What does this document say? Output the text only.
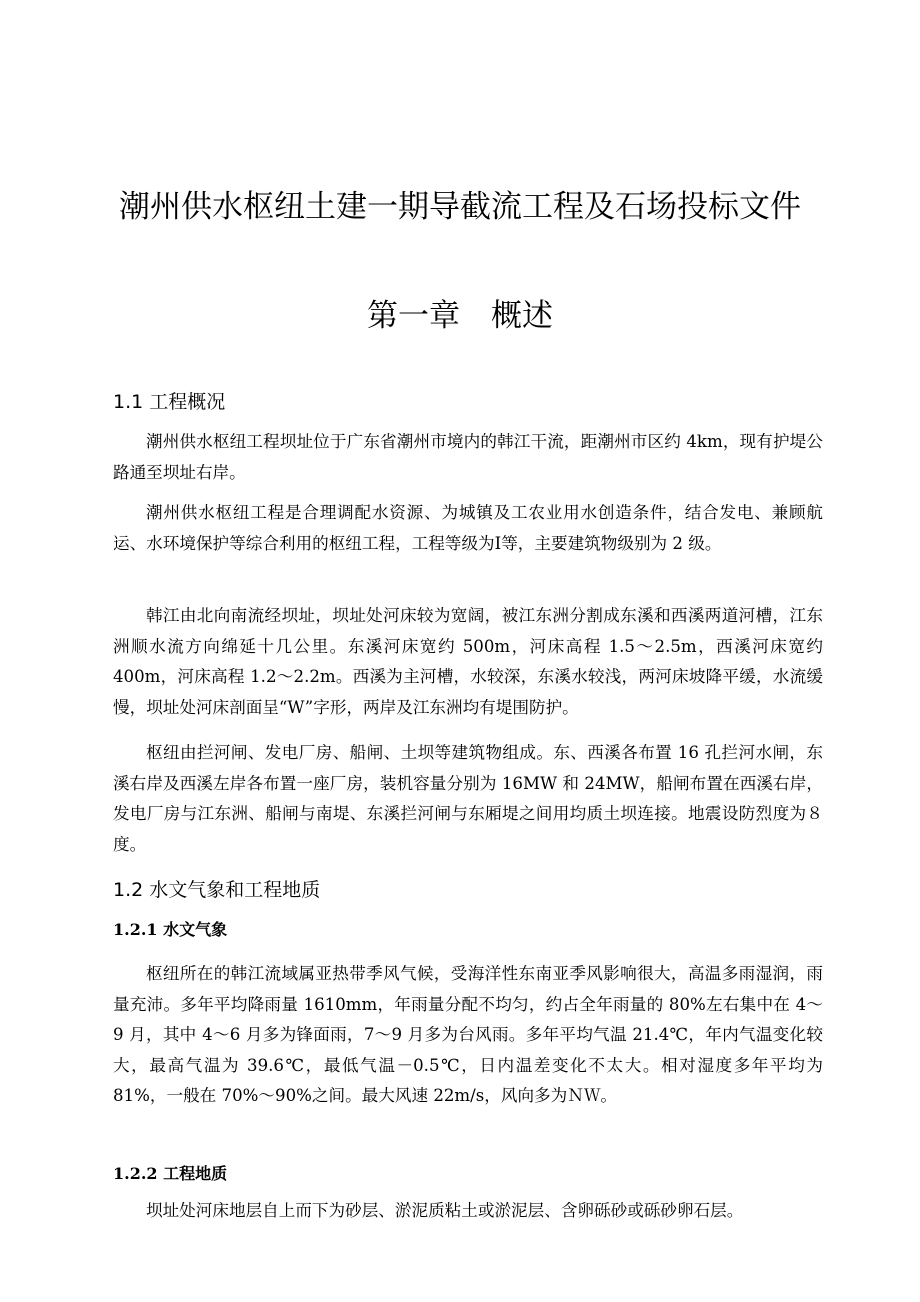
潮州供水枢纽土建一期导截流工程及石场投标文件
第一章　概述
1.1 工程概况

潮州供水枢纽工程坝址位于广东省潮州市境内的韩江干流，距潮州市区约 4km，现有护堤公路通至坝址右岸。

潮州供水枢纽工程是合理调配水资源、为城镇及工农业用水创造条件，结合发电、兼顾航运、水环境保护等综合利用的枢纽工程，工程等级为Ⅰ等，主要建筑物级别为 2 级。

韩江由北向南流经坝址，坝址处河床较为宽阔，被江东洲分割成东溪和西溪两道河槽，江东洲顺水流方向绵延十几公里。东溪河床宽约 500m，河床高程 1.5～2.5m，西溪河床宽约 400m，河床高程 1.2～2.2m。西溪为主河槽，水较深，东溪水较浅，两河床坡降平缓，水流缓慢，坝址处河床剖面呈“W”字形，两岸及江东洲均有堤围防护。

枢纽由拦河闸、发电厂房、船闸、土坝等建筑物组成。东、西溪各布置 16 孔拦河水闸，东溪右岸及西溪左岸各布置一座厂房，装机容量分别为 16MW 和 24MW，船闸布置在西溪右岸，发电厂房与江东洲、船闸与南堤、东溪拦河闸与东厢堤之间用均质土坝连接。地震设防烈度为８度。

1.2 水文气象和工程地质
1.2.1 水文气象

枢纽所在的韩江流域属亚热带季风气候，受海洋性东南亚季风影响很大，高温多雨湿润，雨量充沛。多年平均降雨量 1610mm，年雨量分配不均匀，约占全年雨量的 80%左右集中在 4～9 月，其中 4～6 月多为锋面雨，7～9 月多为台风雨。多年平均气温 21.4℃，年内气温变化较大，最高气温为 39.6℃，最低气温－0.5℃，日内温差变化不太大。相对湿度多年平均为 81%，一般在 70%～90%之间。最大风速 22m/s，风向多为ＮＷ。

1.2.2 工程地质

坝址处河床地层自上而下为砂层、淤泥质粘土或淤泥层、含卵砾砂或砾砂卵石层。
